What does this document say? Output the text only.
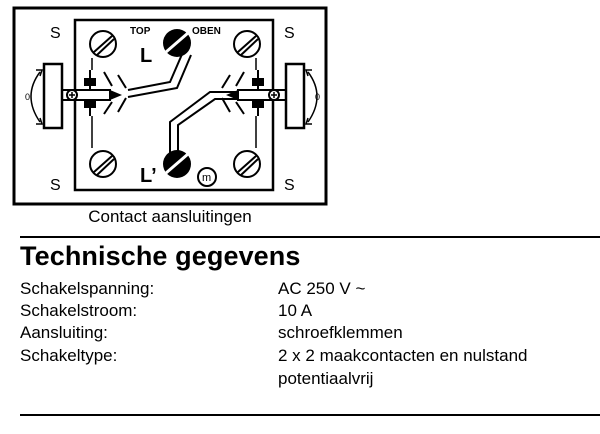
S	S
S	S
TOP	OBEN
L
L’	m
0	0
Contact aansluitingen
Technische gegevens
Schakelspanning:	AC 250 V ~
Schakelstroom:	10 A
Aansluiting:	schroefklemmen
Schakeltype:	2 x 2 maakcontacten en nulstand
potentiaalvrij
